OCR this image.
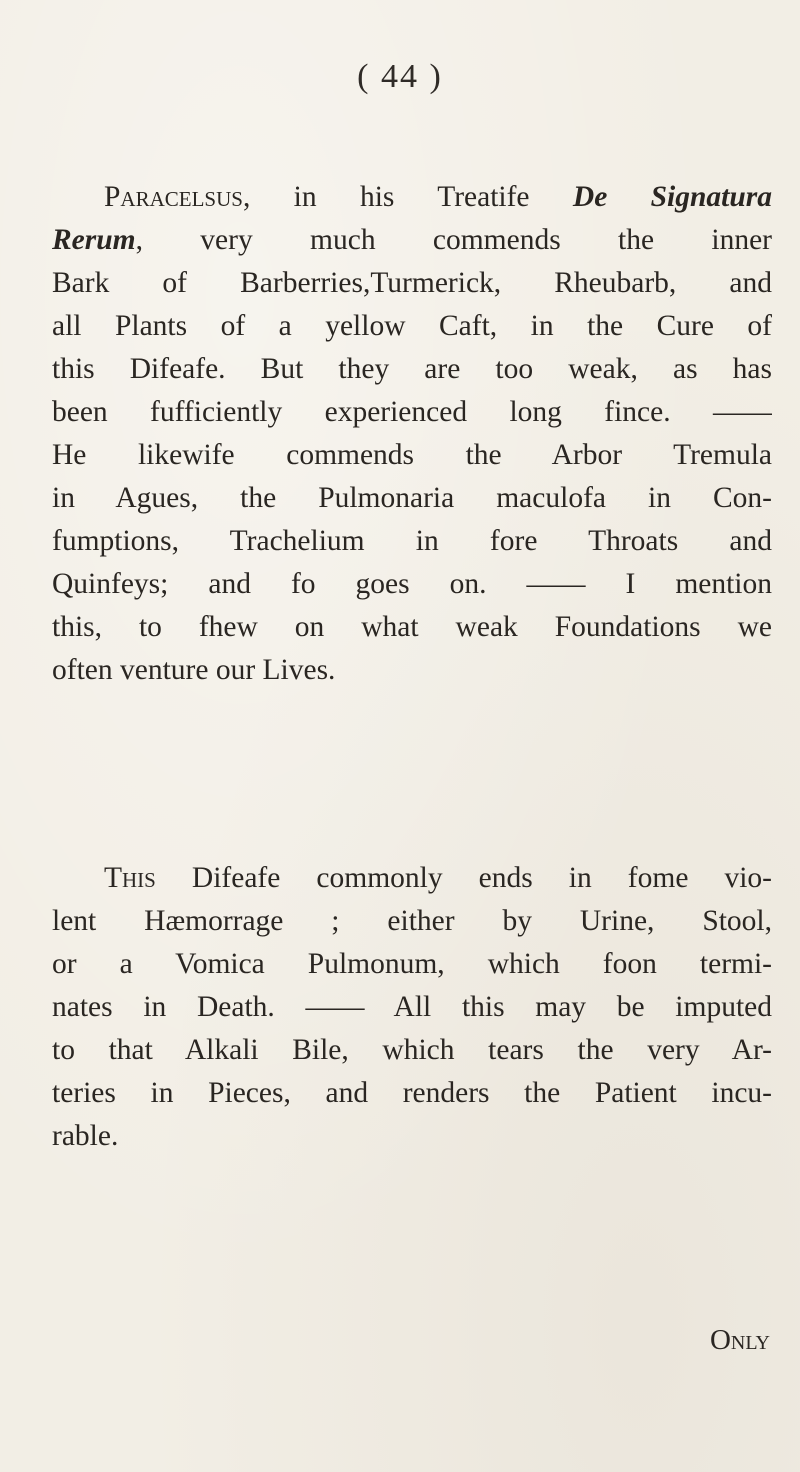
( 44 )
Paracelsus, in his Treatife De Signatura
Rerum, very much commends the inner
Bark of Barberries,Turmerick, Rheubarb, and
all Plants of a yellow Caft, in the Cure of
this Difeafe. But they are too weak, as has
been fufficiently experienced long fince. ——
He likewife commends the Arbor Tremula
in Agues, the Pulmonaria maculofa in Con-
fumptions, Trachelium in fore Throats and
Quinfeys; and fo goes on. —— I mention
this, to fhew on what weak Foundations we
often venture our Lives.
This Difeafe commonly ends in fome vio-
lent Hæmorrage ; either by Urine, Stool,
or a Vomica Pulmonum, which foon termi-
nates in Death. —— All this may be imputed
to that Alkali Bile, which tears the very Ar-
teries in Pieces, and renders the Patient incu-
rable.
Only
